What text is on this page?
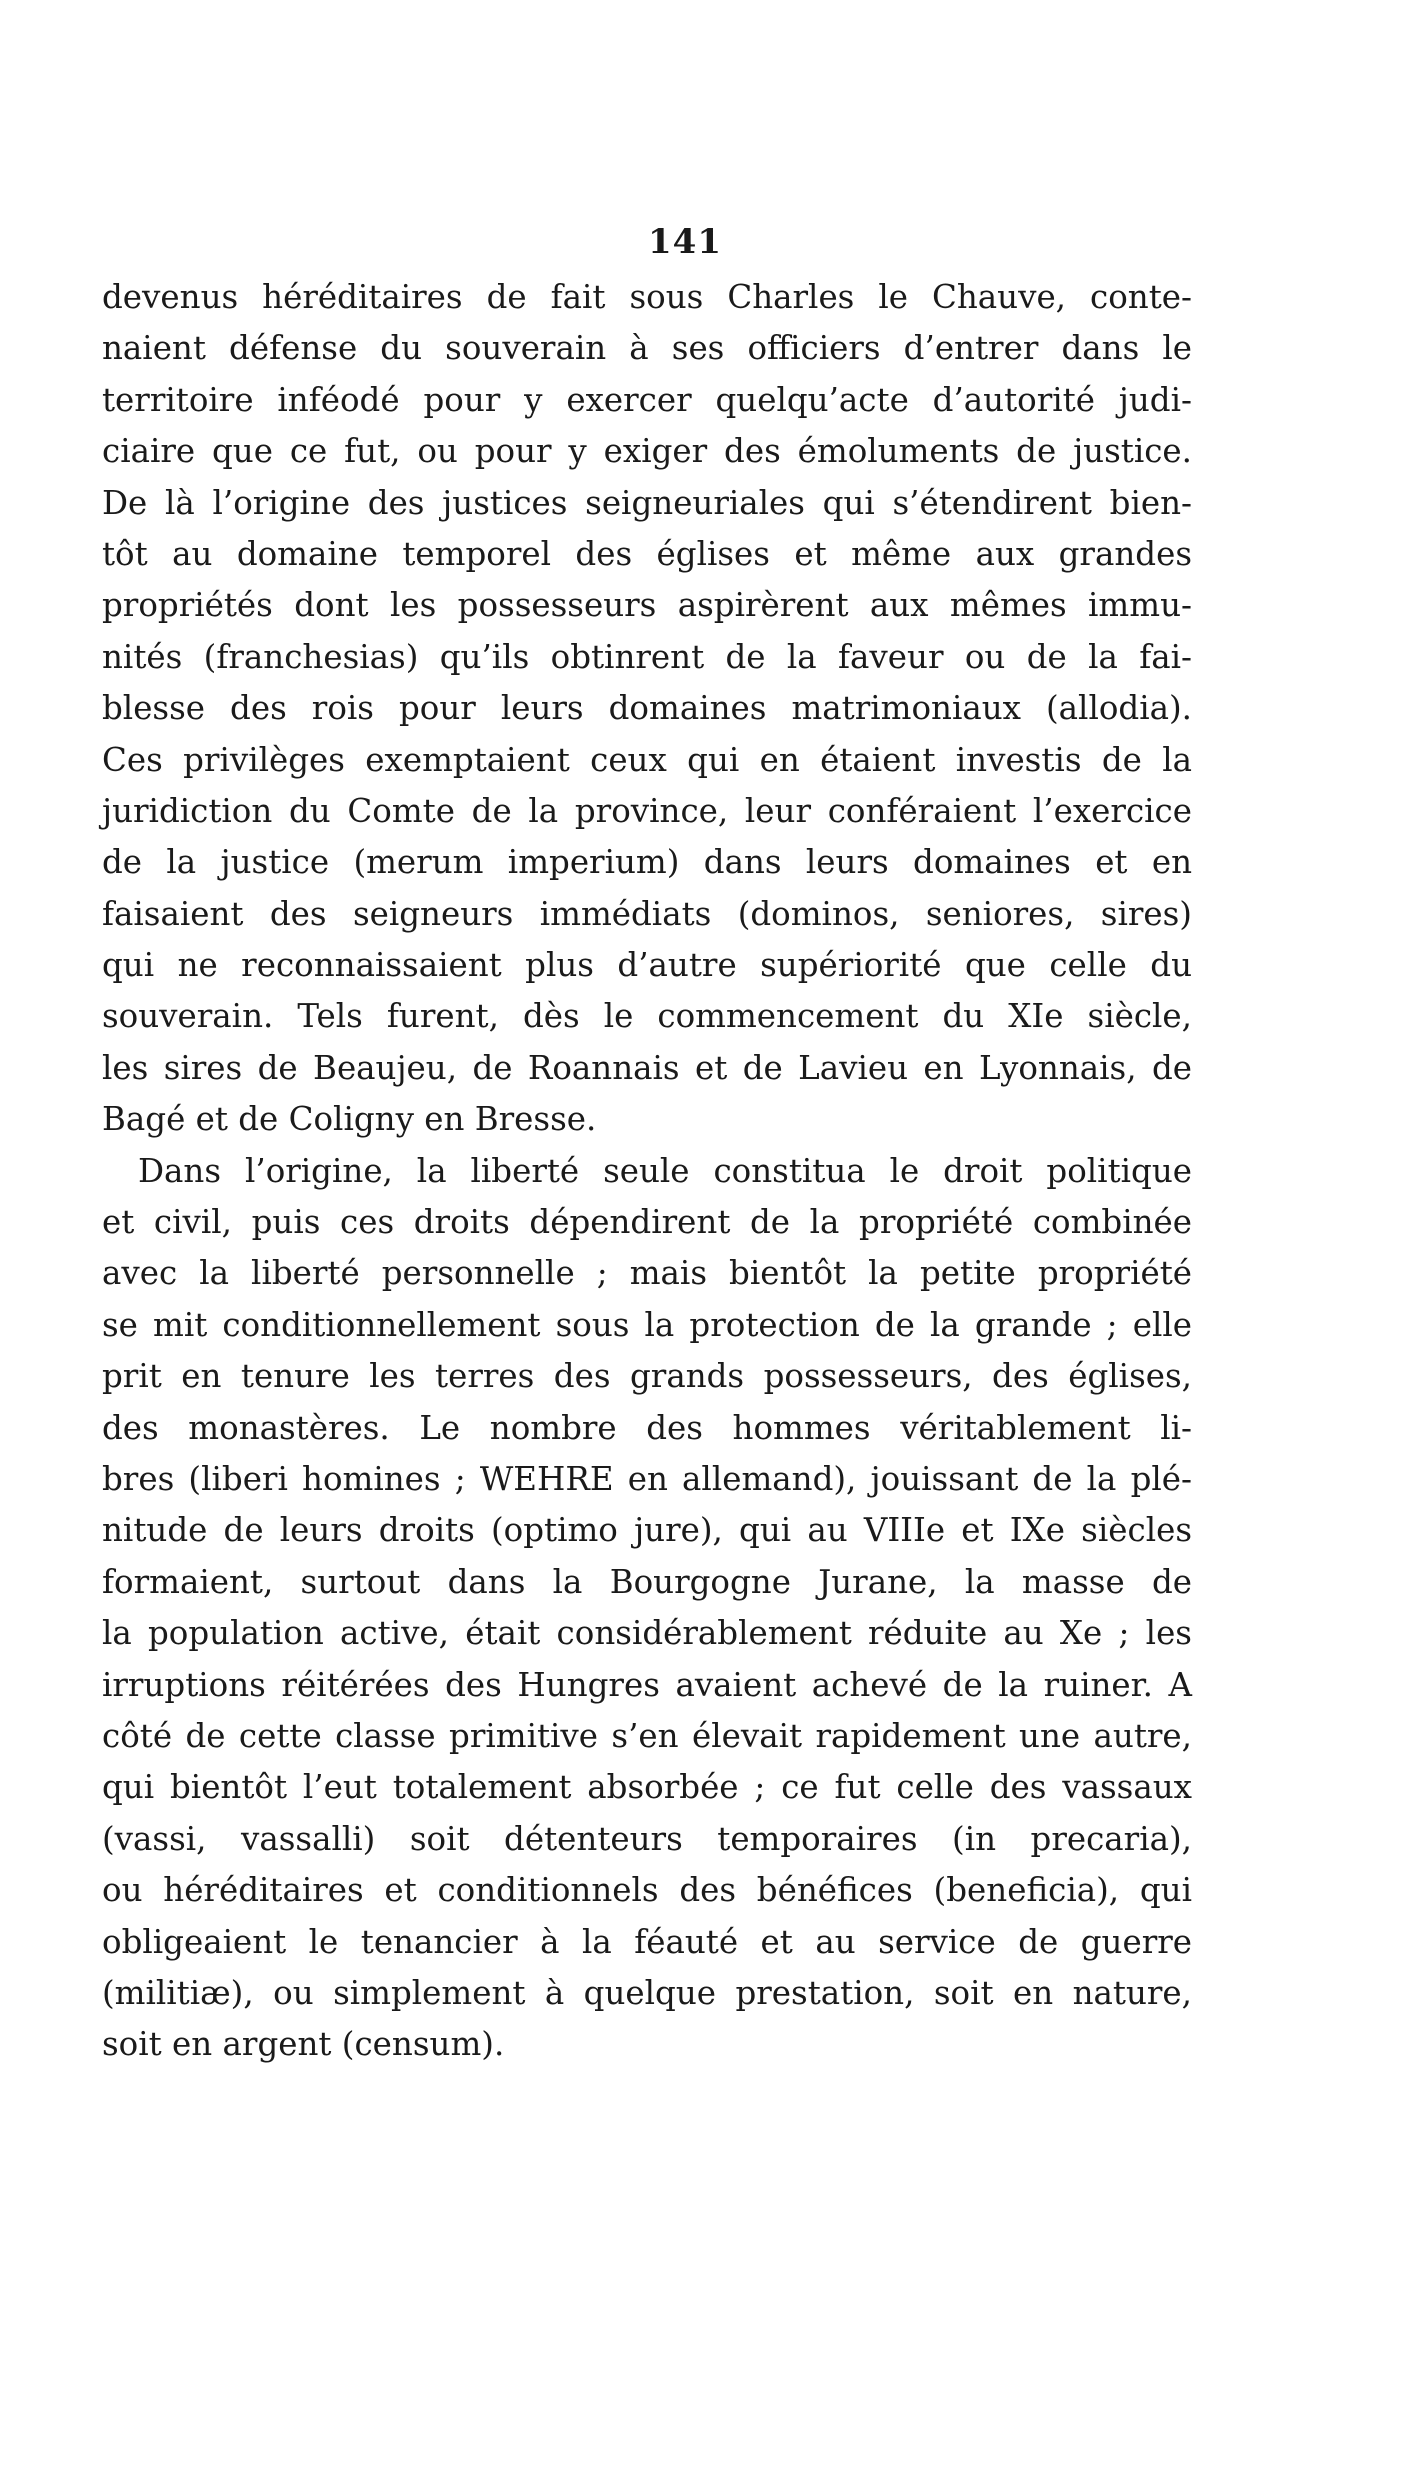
141
devenus héréditaires de fait sous Charles le Chauve, conte-
naient défense du souverain à ses officiers d’entrer dans le
territoire inféodé pour y exercer quelqu’acte d’autorité judi-
ciaire que ce fut, ou pour y exiger des émoluments de justice.
De là l’origine des justices seigneuriales qui s’étendirent bien-
tôt au domaine temporel des églises et même aux grandes
propriétés dont les possesseurs aspirèrent aux mêmes immu-
nités (franchesias) qu’ils obtinrent de la faveur ou de la fai-
blesse des rois pour leurs domaines matrimoniaux (allodia).
Ces privilèges exemptaient ceux qui en étaient investis de la
juridiction du Comte de la province, leur conféraient l’exercice
de la justice (merum imperium) dans leurs domaines et en
faisaient des seigneurs immédiats (dominos, seniores, sires)
qui ne reconnaissaient plus d’autre supériorité que celle du
souverain. Tels furent, dès le commencement du XIe siècle,
les sires de Beaujeu, de Roannais et de Lavieu en Lyonnais, de
Bagé et de Coligny en Bresse.
Dans l’origine, la liberté seule constitua le droit politique
et civil, puis ces droits dépendirent de la propriété combinée
avec la liberté personnelle ; mais bientôt la petite propriété
se mit conditionnellement sous la protection de la grande ; elle
prit en tenure les terres des grands possesseurs, des églises,
des monastères. Le nombre des hommes véritablement li-
bres (liberi homines ; WEHRE en allemand), jouissant de la plé-
nitude de leurs droits (optimo jure), qui au VIIIe et IXe siècles
formaient, surtout dans la Bourgogne Jurane, la masse de
la population active, était considérablement réduite au Xe ; les
irruptions réitérées des Hungres avaient achevé de la ruiner. A
côté de cette classe primitive s’en élevait rapidement une autre,
qui bientôt l’eut totalement absorbée ; ce fut celle des vassaux
(vassi, vassalli) soit détenteurs temporaires (in precaria),
ou héréditaires et conditionnels des bénéfices (beneficia), qui
obligeaient le tenancier à la féauté et au service de guerre
(militiæ), ou simplement à quelque prestation, soit en nature,
soit en argent (censum).
